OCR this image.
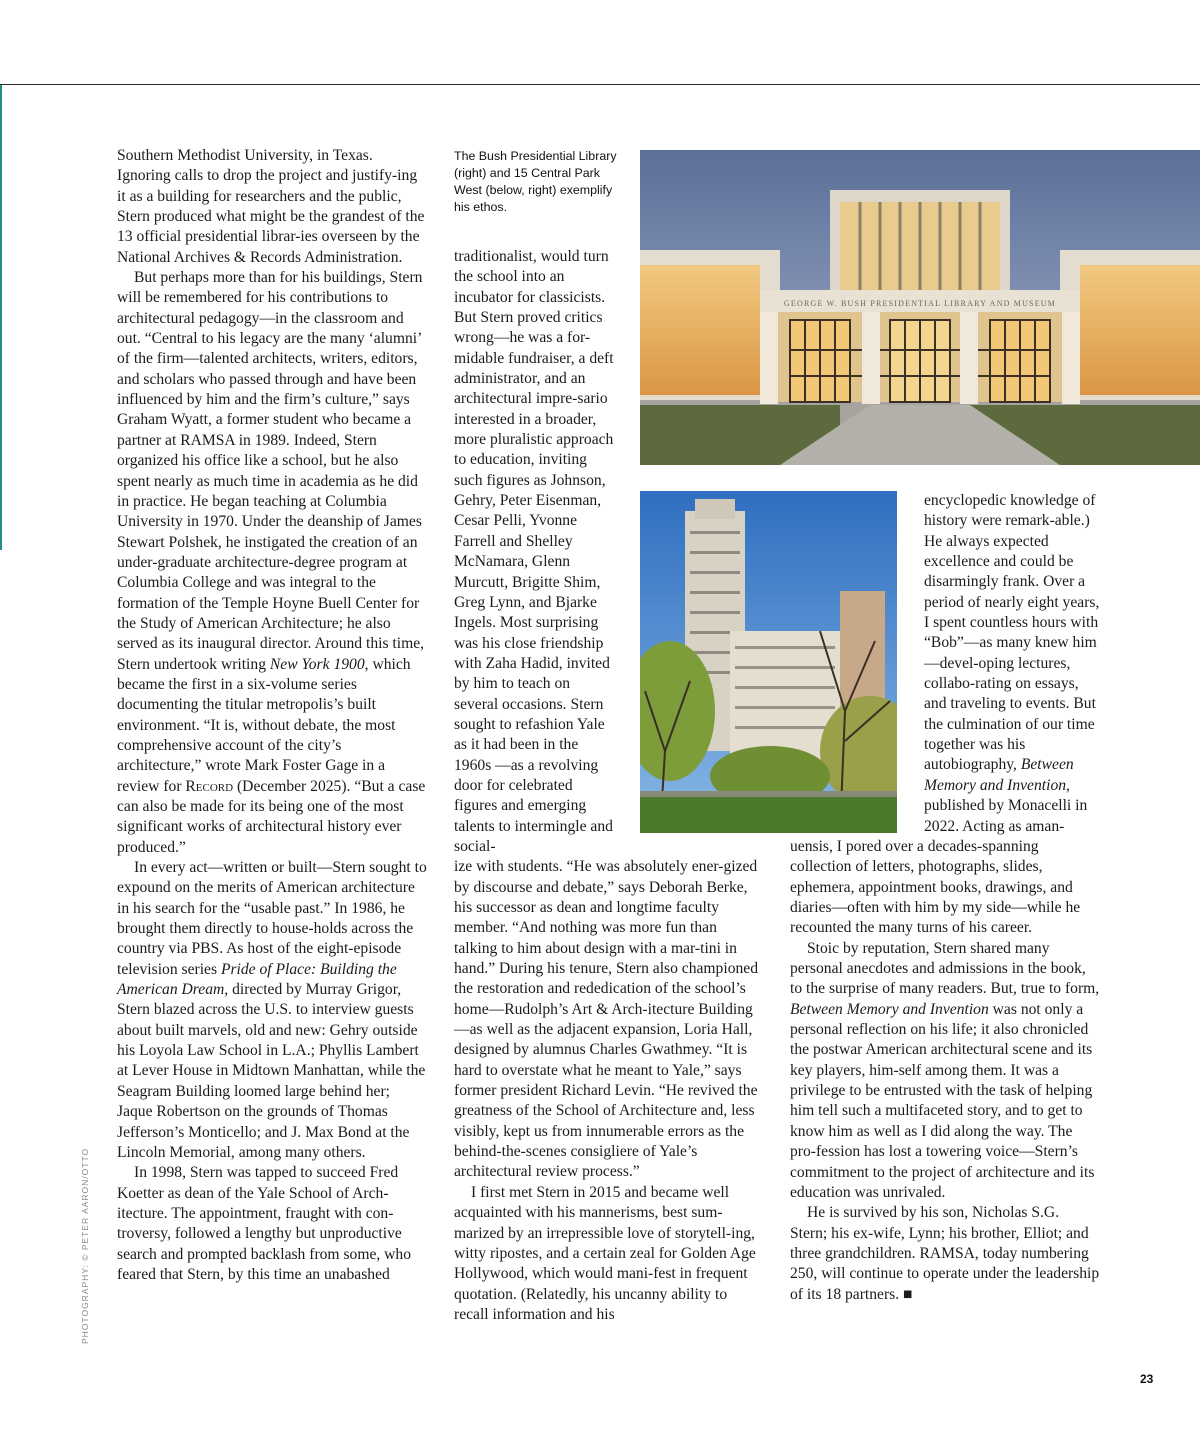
PHOTOGRAPHY: © PETER AARON/OTTO

Southern Methodist University, in Texas. Ignoring calls to drop the project and justify-ing it as a building for researchers and the public, Stern produced what might be the grandest of the 13 official presidential librar-ies overseen by the National Archives & Records Administration.

But perhaps more than for his buildings, Stern will be remembered for his contributions to architectural pedagogy—in the classroom and out. “Central to his legacy are the many ‘alumni’ of the firm—talented architects, writers, editors, and scholars who passed through and have been influenced by him and the firm’s culture,” says Graham Wyatt, a former student who became a partner at RAMSA in 1989. Indeed, Stern organized his office like a school, but he also spent nearly as much time in academia as he did in practice. He began teaching at Columbia University in 1970. Under the deanship of James Stewart Polshek, he instigated the creation of an under-graduate architecture-degree program at Columbia College and was integral to the formation of the Temple Hoyne Buell Center for the Study of American Architecture; he also served as its inaugural director. Around this time, Stern undertook writing New York 1900, which became the first in a six-volume series documenting the titular metropolis’s built environment. “It is, without debate, the most comprehensive account of the city’s architecture,” wrote Mark Foster Gage in a review for Record (December 2025). “But a case can also be made for its being one of the most significant works of architectural history ever produced.”

In every act—written or built—Stern sought to expound on the merits of American architecture in his search for the “usable past.” In 1986, he brought them directly to house-holds across the country via PBS. As host of the eight-episode television series Pride of Place: Building the American Dream, directed by Murray Grigor, Stern blazed across the U.S. to interview guests about built marvels, old and new: Gehry outside his Loyola Law School in L.A.; Phyllis Lambert at Lever House in Midtown Manhattan, while the Seagram Building loomed large behind her; Jaque Robertson on the grounds of Thomas Jefferson’s Monticello; and J. Max Bond at the Lincoln Memorial, among many others.

In 1998, Stern was tapped to succeed Fred Koetter as dean of the Yale School of Arch-itecture. The appointment, fraught with con-troversy, followed a lengthy but unproductive search and prompted backlash from some, who feared that Stern, by this time an unabashed

The Bush Presidential Library (right) and 15 Central Park West (below, right) exemplify his ethos.

traditionalist, would turn the school into an incubator for classicists. But Stern proved critics wrong—he was a for-midable fundraiser, a deft administrator, and an architectural impre-sario interested in a broader, more pluralistic approach to education, inviting such figures as Johnson, Gehry, Peter Eisenman, Cesar Pelli, Yvonne Farrell and Shelley McNamara, Glenn Murcutt, Brigitte Shim, Greg Lynn, and Bjarke Ingels. Most surprising was his close friendship with Zaha Hadid, invited by him to teach on several occasions. Stern sought to refashion Yale as it had been in the 1960s —as a revolving door for celebrated figures and emerging talents to intermingle and social-

ize with students. “He was absolutely ener-gized by discourse and debate,” says Deborah Berke, his successor as dean and longtime faculty member. “And nothing was more fun than talking to him about design with a mar-tini in hand.” During his tenure, Stern also championed the restoration and rededication of the school’s home—Rudolph’s Art & Arch-itecture Building—as well as the adjacent expansion, Loria Hall, designed by alumnus Charles Gwathmey. “It is hard to overstate what he meant to Yale,” says former president Richard Levin. “He revived the greatness of the School of Architecture and, less visibly, kept us from innumerable errors as the behind-the-scenes consigliere of Yale’s architectural review process.”

I first met Stern in 2015 and became well acquainted with his mannerisms, best sum-marized by an irrepressible love of storytell-ing, witty ripostes, and a certain zeal for Golden Age Hollywood, which would mani-fest in frequent quotation. (Relatedly, his uncanny ability to recall information and his

encyclopedic knowledge of history were remark-able.) He always expected excellence and could be disarmingly frank. Over a period of nearly eight years, I spent countless hours with “Bob”—as many knew him—devel-oping lectures, collabo-rating on essays, and traveling to events. But the culmination of our time together was his autobiography, Between Memory and Invention, published by Monacelli in 2022. Acting as aman-

uensis, I pored over a decades-spanning collection of letters, photographs, slides, ephemera, appointment books, drawings, and diaries—often with him by my side—while he recounted the many turns of his career.

Stoic by reputation, Stern shared many personal anecdotes and admissions in the book, to the surprise of many readers. But, true to form, Between Memory and Invention was not only a personal reflection on his life; it also chronicled the postwar American architectural scene and its key players, him-self among them. It was a privilege to be entrusted with the task of helping him tell such a multifaceted story, and to get to know him as well as I did along the way. The pro-fession has lost a towering voice—Stern’s commitment to the project of architecture and its education was unrivaled.

He is survived by his son, Nicholas S.G. Stern; his ex-wife, Lynn; his brother, Elliot; and three grandchildren. RAMSA, today numbering 250, will continue to operate under the leadership of its 18 partners. ■

GEORGE W. BUSH PRESIDENTIAL LIBRARY AND MUSEUM
23
